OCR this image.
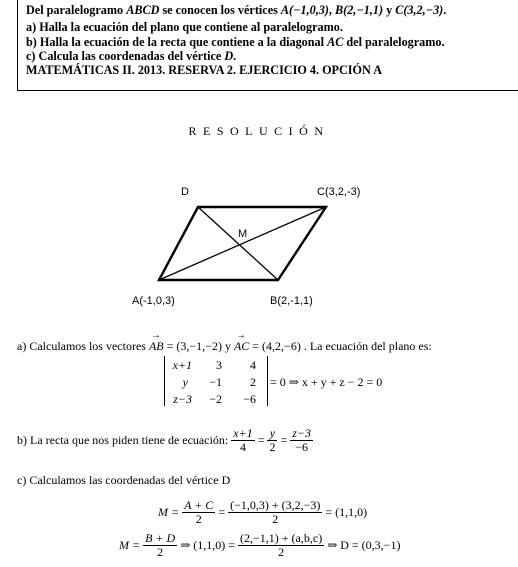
Del paralelogramo ABCD se conocen los vértices A(−1,0,3), B(2,−1,1) y C(3,2,−3).
a) Halla la ecuación del plano que contiene al paralelogramo.
b) Halla la ecuación de la recta que contiene a la diagonal AC del paralelogramo.
c) Calcula las coordenadas del vértice D.
MATEMÁTICAS II. 2013. RESERVA 2. EJERCICIO 4. OPCIÓN A
RESOLUCIÓN
D	C(3,2,-3)
M
A(-1,0,3)	B(2,-1,1)
a) Calculamos los vectores
→
AB = (3,−1,−2) y
→
AC = (4,2,−6) . La ecuación del plano es:
x+1	3	4
y	−1	2
z−3	−2	−6
= 0 ⇒ x + y + z − 2 = 0
b) La recta que nos piden tiene de ecuación: $\frac{x+1}{4} = \frac{y}{2} = \frac{z-3}{-6}$
c) Calculamos las coordenadas del vértice D
$M = \frac{A + C}{2} = \frac{(-1,0,3) + (3,2,-3)}{2} = (1,1,0)$
$M = \frac{B + D}{2}$ ⇒ $(1,1,0) = \frac{(2,-1,1) + (a,b,c)}{2}$ ⇒ D = (0,3,−1)
